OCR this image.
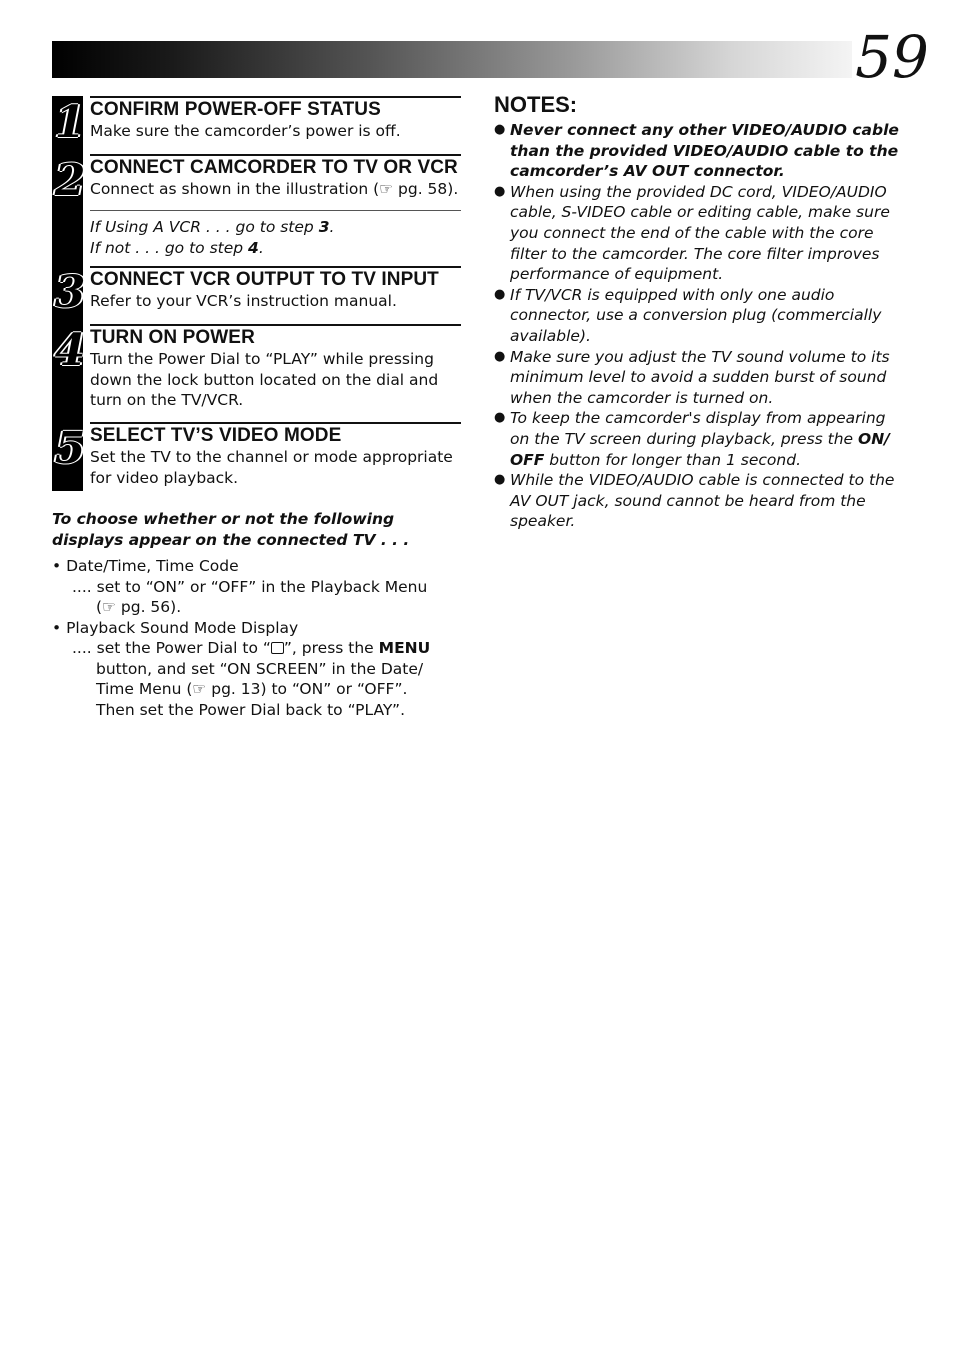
59
1
2
3
4
5
CONFIRM POWER-OFF STATUS
Make sure the camcorder’s power is off.
CONNECT CAMCORDER TO TV OR VCR
Connect as shown in the illustration (☞ pg. 58).
If Using A VCR . . . go to step 3.
If not . . . go to step 4.
CONNECT VCR OUTPUT TO TV INPUT
Refer to your VCR’s instruction manual.
TURN ON POWER
Turn the Power Dial to “PLAY” while pressing down the lock button located on the dial and turn on the TV/VCR.
SELECT TV’S VIDEO MODE
Set the TV to the channel or mode appropriate for video playback.
To choose whether or not the following displays appear on the connected TV . . .
• Date/Time, Time Code
.... set to “ON” or “OFF” in the Playback Menu
(☞ pg. 56).
• Playback Sound Mode Display
.... set the Power Dial to “ ”, press the MENU
button, and set “ON SCREEN” in the Date/
Time Menu (☞ pg. 13) to “ON” or “OFF”.
Then set the Power Dial back to “PLAY”.
NOTES:
● Never connect any other VIDEO/AUDIO cable than the provided VIDEO/AUDIO cable to the camcorder’s AV OUT connector.
● When using the provided DC cord, VIDEO/AUDIO cable, S-VIDEO cable or editing cable, make sure you connect the end of the cable with the core filter to the camcorder. The core filter improves performance of equipment.
● If TV/VCR is equipped with only one audio connector, use a conversion plug (commercially available).
● Make sure you adjust the TV sound volume to its minimum level to avoid a sudden burst of sound when the camcorder is turned on.
● To keep the camcorder's display from appearing on the TV screen during playback, press the ON/ OFF button for longer than 1 second.
● While the VIDEO/AUDIO cable is connected to the AV OUT jack, sound cannot be heard from the speaker.
